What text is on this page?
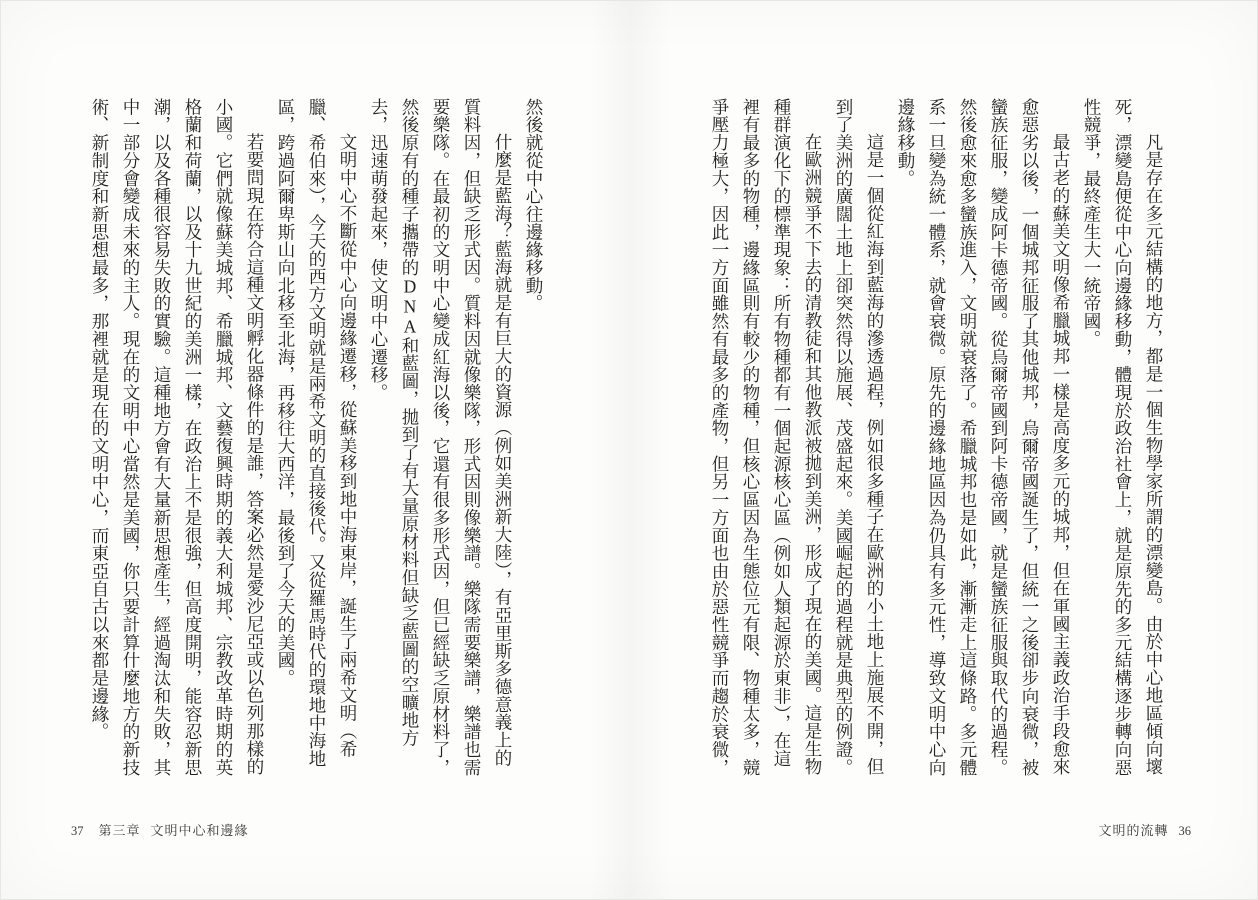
然後就從中心往邊緣移動。

什麼是藍海？藍海就是有巨大的資源（例如美洲新大陸），有亞里斯多德意義上的質料因，但缺乏形式因。質料因就像樂隊，形式因則像樂譜。樂隊需要樂譜，樂譜也需要樂隊。在最初的文明中心變成紅海以後，它還有很多形式因，但已經缺乏原材料了，然後原有的種子攜帶的DNA和藍圖，拋到了有大量原材料但缺乏藍圖的空曠地方去，迅速萌發起來，使文明中心遷移。

文明中心不斷從中心向邊緣遷移，從蘇美移到地中海東岸，誕生了兩希文明（希臘、希伯來），今天的西方文明就是兩希文明的直接後代。又從羅馬時代的環地中海地區，跨過阿爾卑斯山向北移至北海，再移往大西洋，最後到了今天的美國。

若要問現在符合這種文明孵化器條件的是誰，答案必然是愛沙尼亞或以色列那樣的小國。它們就像蘇美城邦、希臘城邦、文藝復興時期的義大利城邦、宗教改革時期的英格蘭和荷蘭，以及十九世紀的美洲一樣，在政治上不是很強，但高度開明，能容忍新思潮，以及各種很容易失敗的實驗。這種地方會有大量新思想產生，經過淘汰和失敗，其中一部分會變成未來的主人。現在的文明中心當然是美國，你只要計算什麼地方的新技術、新制度和新思想最多，那裡就是現在的文明中心，而東亞自古以來都是邊緣。

37 第三章 文明中心和邊緣

凡是存在多元結構的地方，都是一個生物學家所謂的漂變島。由於中心地區傾向壞死，漂變島便從中心向邊緣移動，體現於政治社會上，就是原先的多元結構逐步轉向惡性競爭，最終產生大一統帝國。

最古老的蘇美文明像希臘城邦一樣是高度多元的城邦，但在軍國主義政治手段愈來愈惡劣以後，一個城邦征服了其他城邦，烏爾帝國誕生了，但統一之後卻步向衰微，被蠻族征服，變成阿卡德帝國。從烏爾帝國到阿卡德帝國，就是蠻族征服與取代的過程。然後愈來愈多蠻族進入，文明就衰落了。希臘城邦也是如此，漸漸走上這條路。多元體系一旦變為統一體系，就會衰微。原先的邊緣地區因為仍具有多元性，導致文明中心向邊緣移動。

這是一個從紅海到藍海的滲透過程，例如很多種子在歐洲的小土地上施展不開，但到了美洲的廣闊土地上卻突然得以施展、茂盛起來。美國崛起的過程就是典型的例證。

在歐洲競爭不下去的清教徒和其他教派被拋到美洲，形成了現在的美國。這是生物種群演化下的標準現象：所有物種都有一個起源核心區（例如人類起源於東非），在這裡有最多的物種，邊緣區則有較少的物種，但核心區因為生態位元有限、物種太多，競爭壓力極大，因此一方面雖然有最多的產物，但另一方面也由於惡性競爭而趨於衰微，

文明的流轉 36
